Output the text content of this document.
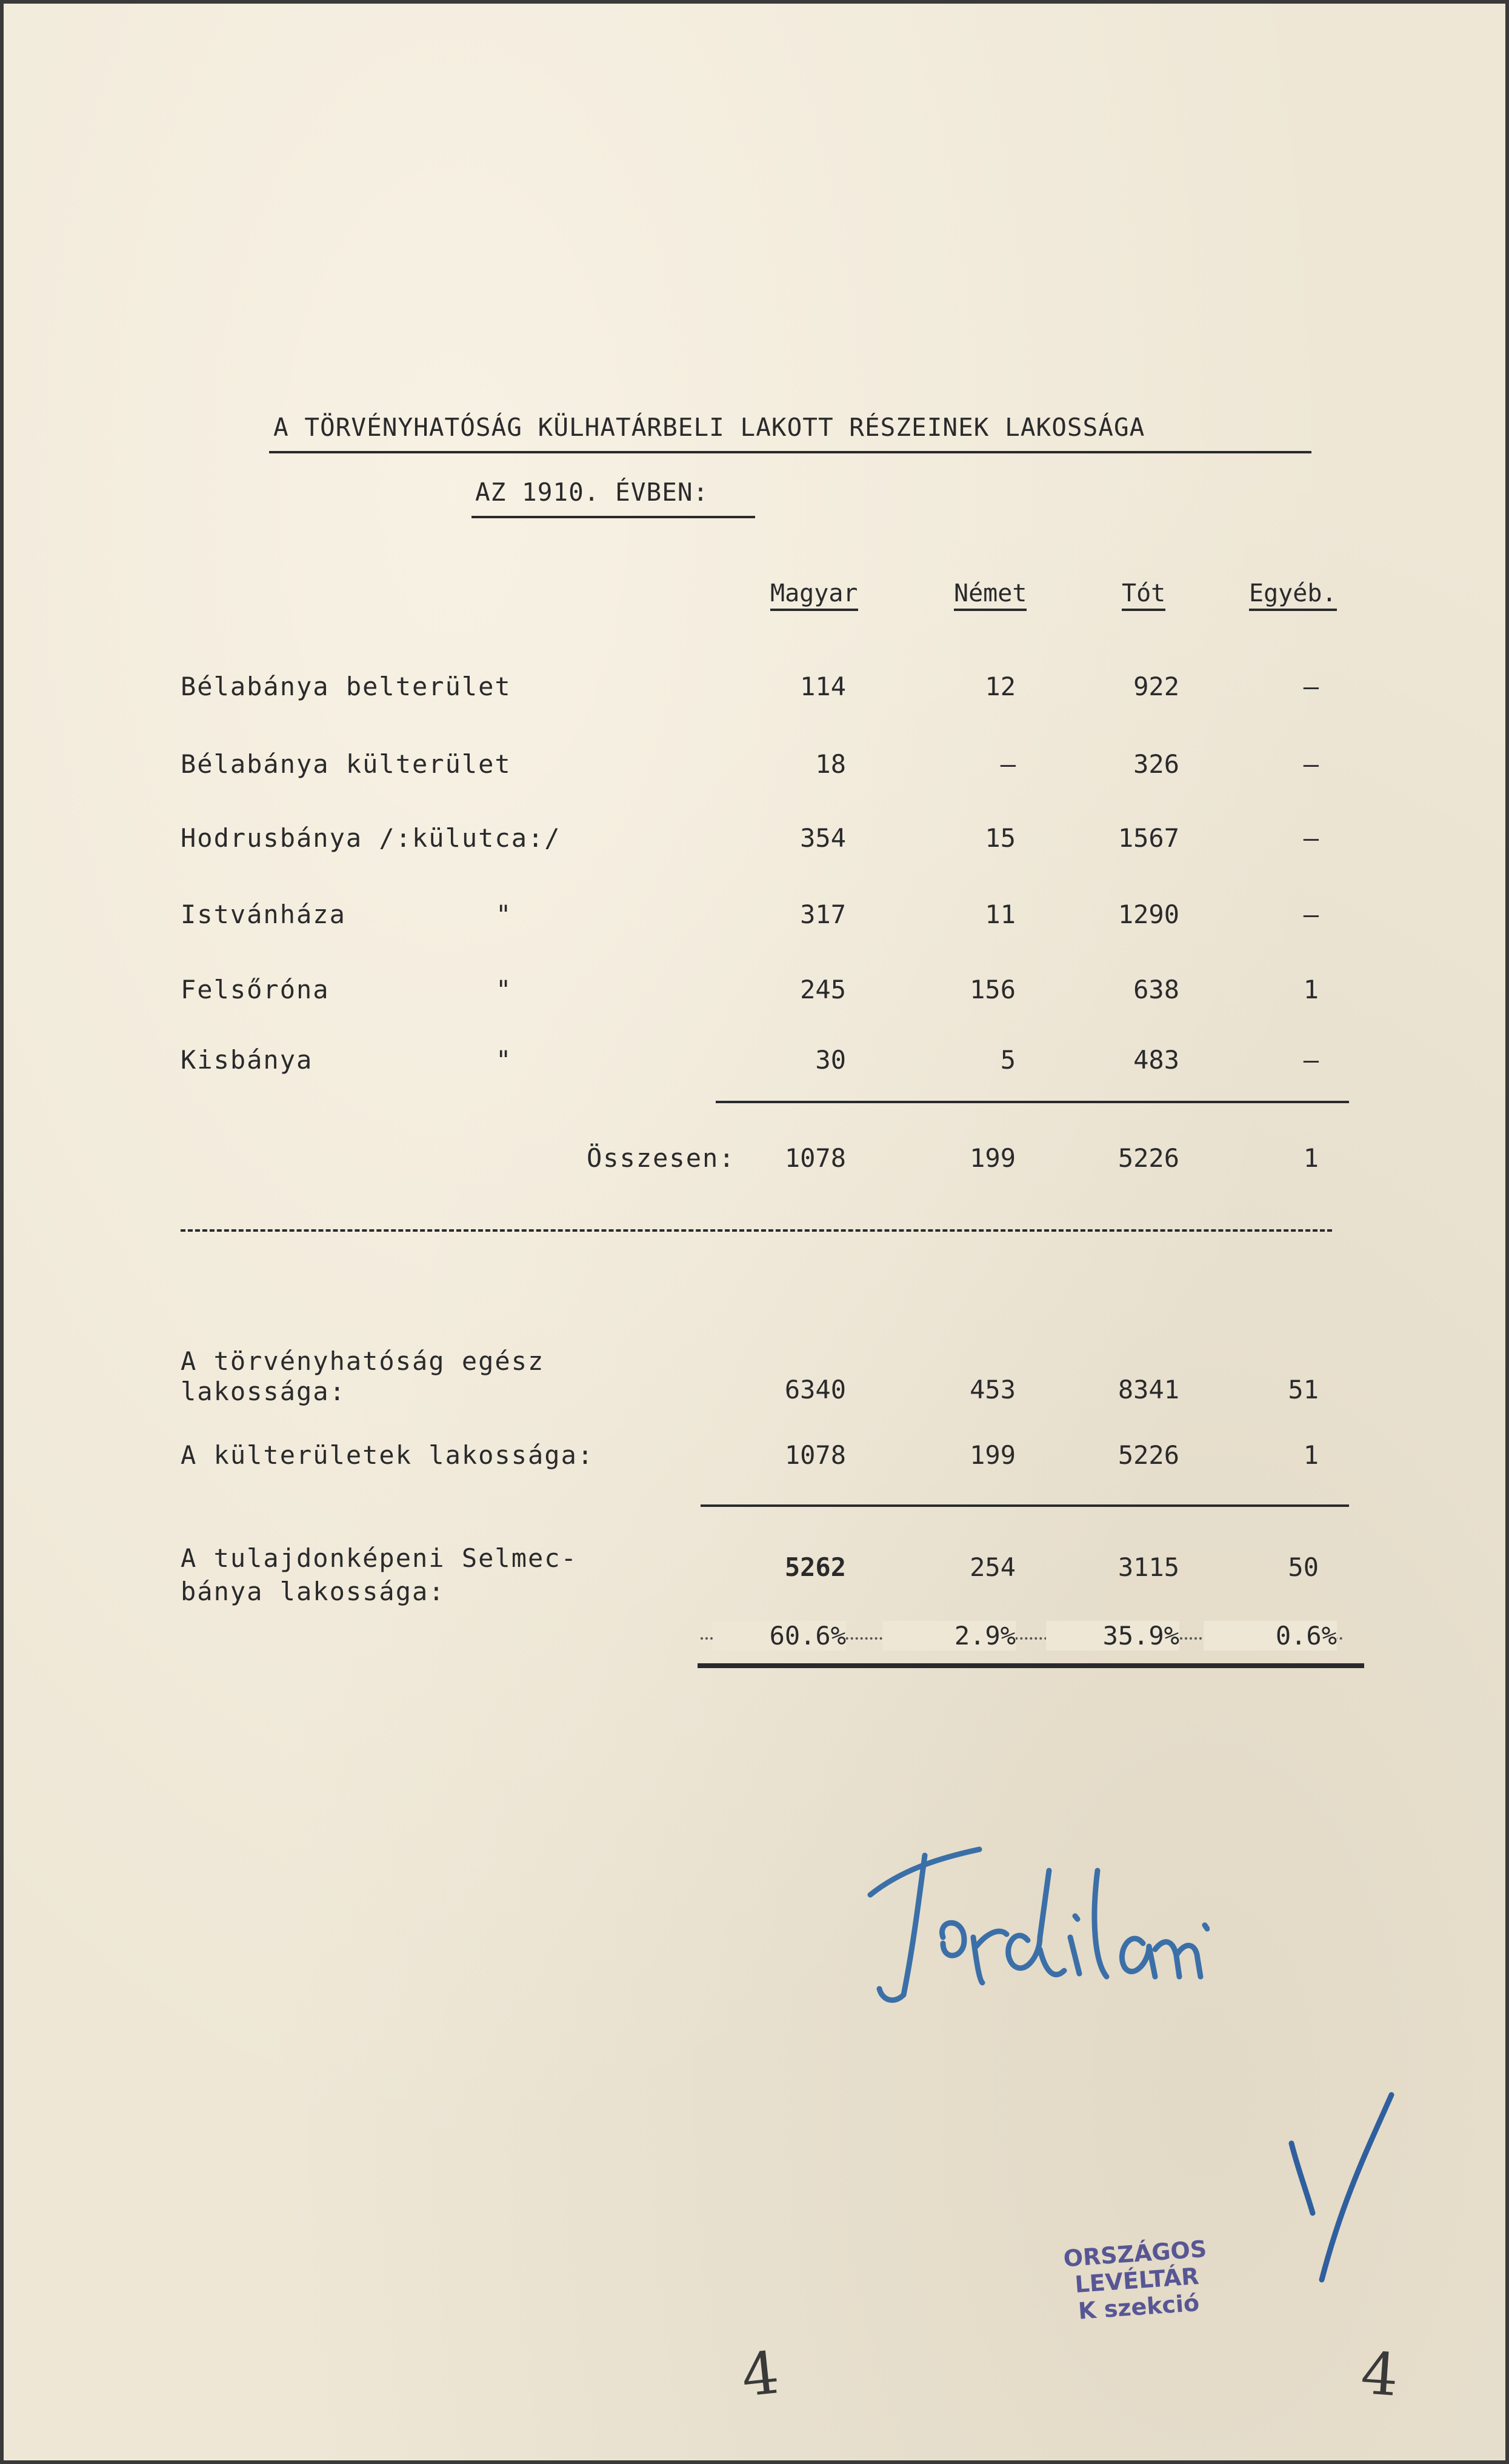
A TÖRVÉNYHATÓSÁG KÜLHATÁRBELI LAKOTT RÉSZEINEK LAKOSSÁGA
AZ 1910. ÉVBEN:
Magyar	Német	Tót	Egyéb.
Bélabánya belterület	114	12	922	–
Bélabánya külterület	18	–	326	–
Hodrusbánya /:külutca:/	354	15	1567	–
Istvánháza	"	317	11	1290	–
Felsőróna	"	245	156	638	1
Kisbánya	"	30	5	483	–
Összesen:	1078	199	5226	1
A törvényhatóság egész
lakossága:	6340	453	8341	51
A külterületek lakossága:	1078	199	5226	1
A tulajdonképeni Selmec-
bánya lakossága:
5262	254	3115	50
60.6%	2.9%	35.9%	0.6%
ORSZÁGOS LEVÉLTÁR
K szekció
4	4
